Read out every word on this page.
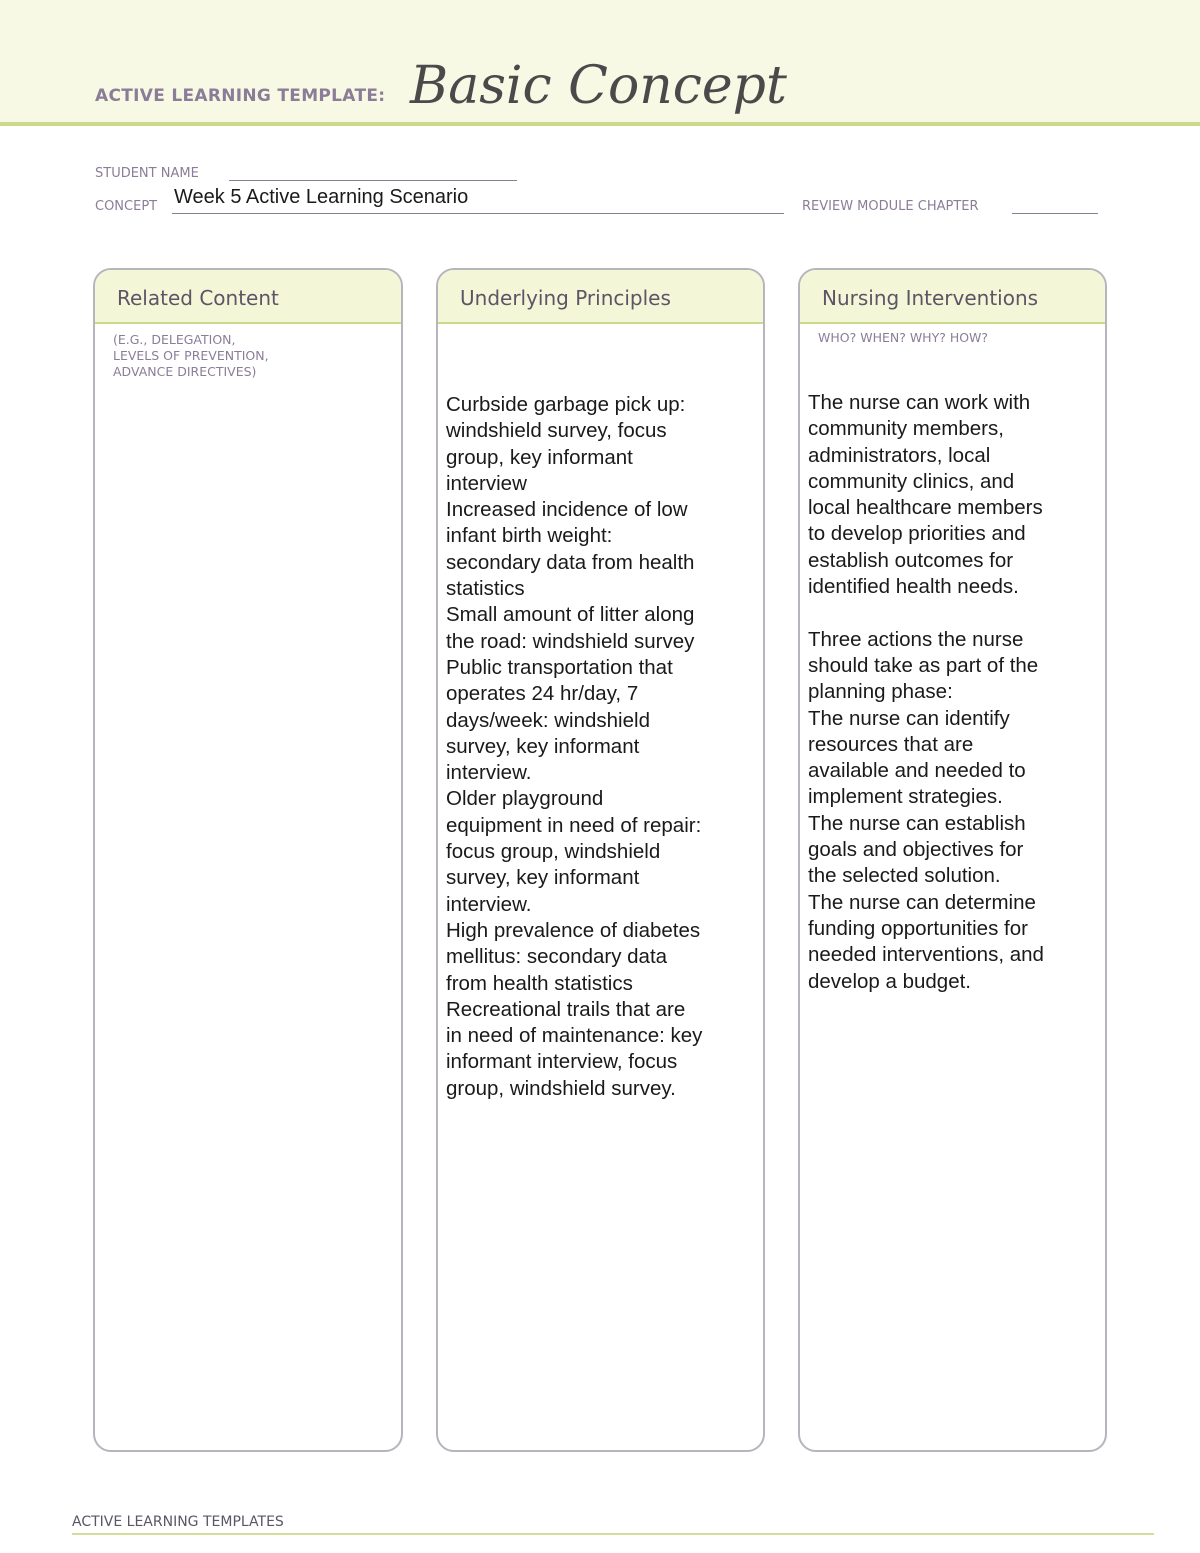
ACTIVE LEARNING TEMPLATE: Basic Concept
STUDENT NAME
CONCEPT Week 5 Active Learning Scenario	REVIEW MODULE CHAPTER
Related Content
(E.G., DELEGATION,
LEVELS OF PREVENTION,
ADVANCE DIRECTIVES)
Underlying Principles
Curbside garbage pick up:
windshield survey, focus
group, key informant
interview
Increased incidence of low
infant birth weight:
secondary data from health
statistics
Small amount of litter along
the road: windshield survey
Public transportation that
operates 24 hr/day, 7
days/week: windshield
survey, key informant
interview.
Older playground
equipment in need of repair:
focus group, windshield
survey, key informant
interview.
High prevalence of diabetes
mellitus: secondary data
from health statistics
Recreational trails that are
in need of maintenance: key
informant interview, focus
group, windshield survey.
Nursing Interventions
WHO? WHEN? WHY? HOW?
The nurse can work with
community members,
administrators, local
community clinics, and
local healthcare members
to develop priorities and
establish outcomes for
identified health needs.

Three actions the nurse
should take as part of the
planning phase:
The nurse can identify
resources that are
available and needed to
implement strategies.
The nurse can establish
goals and objectives for
the selected solution.
The nurse can determine
funding opportunities for
needed interventions, and
develop a budget.
ACTIVE LEARNING TEMPLATES
